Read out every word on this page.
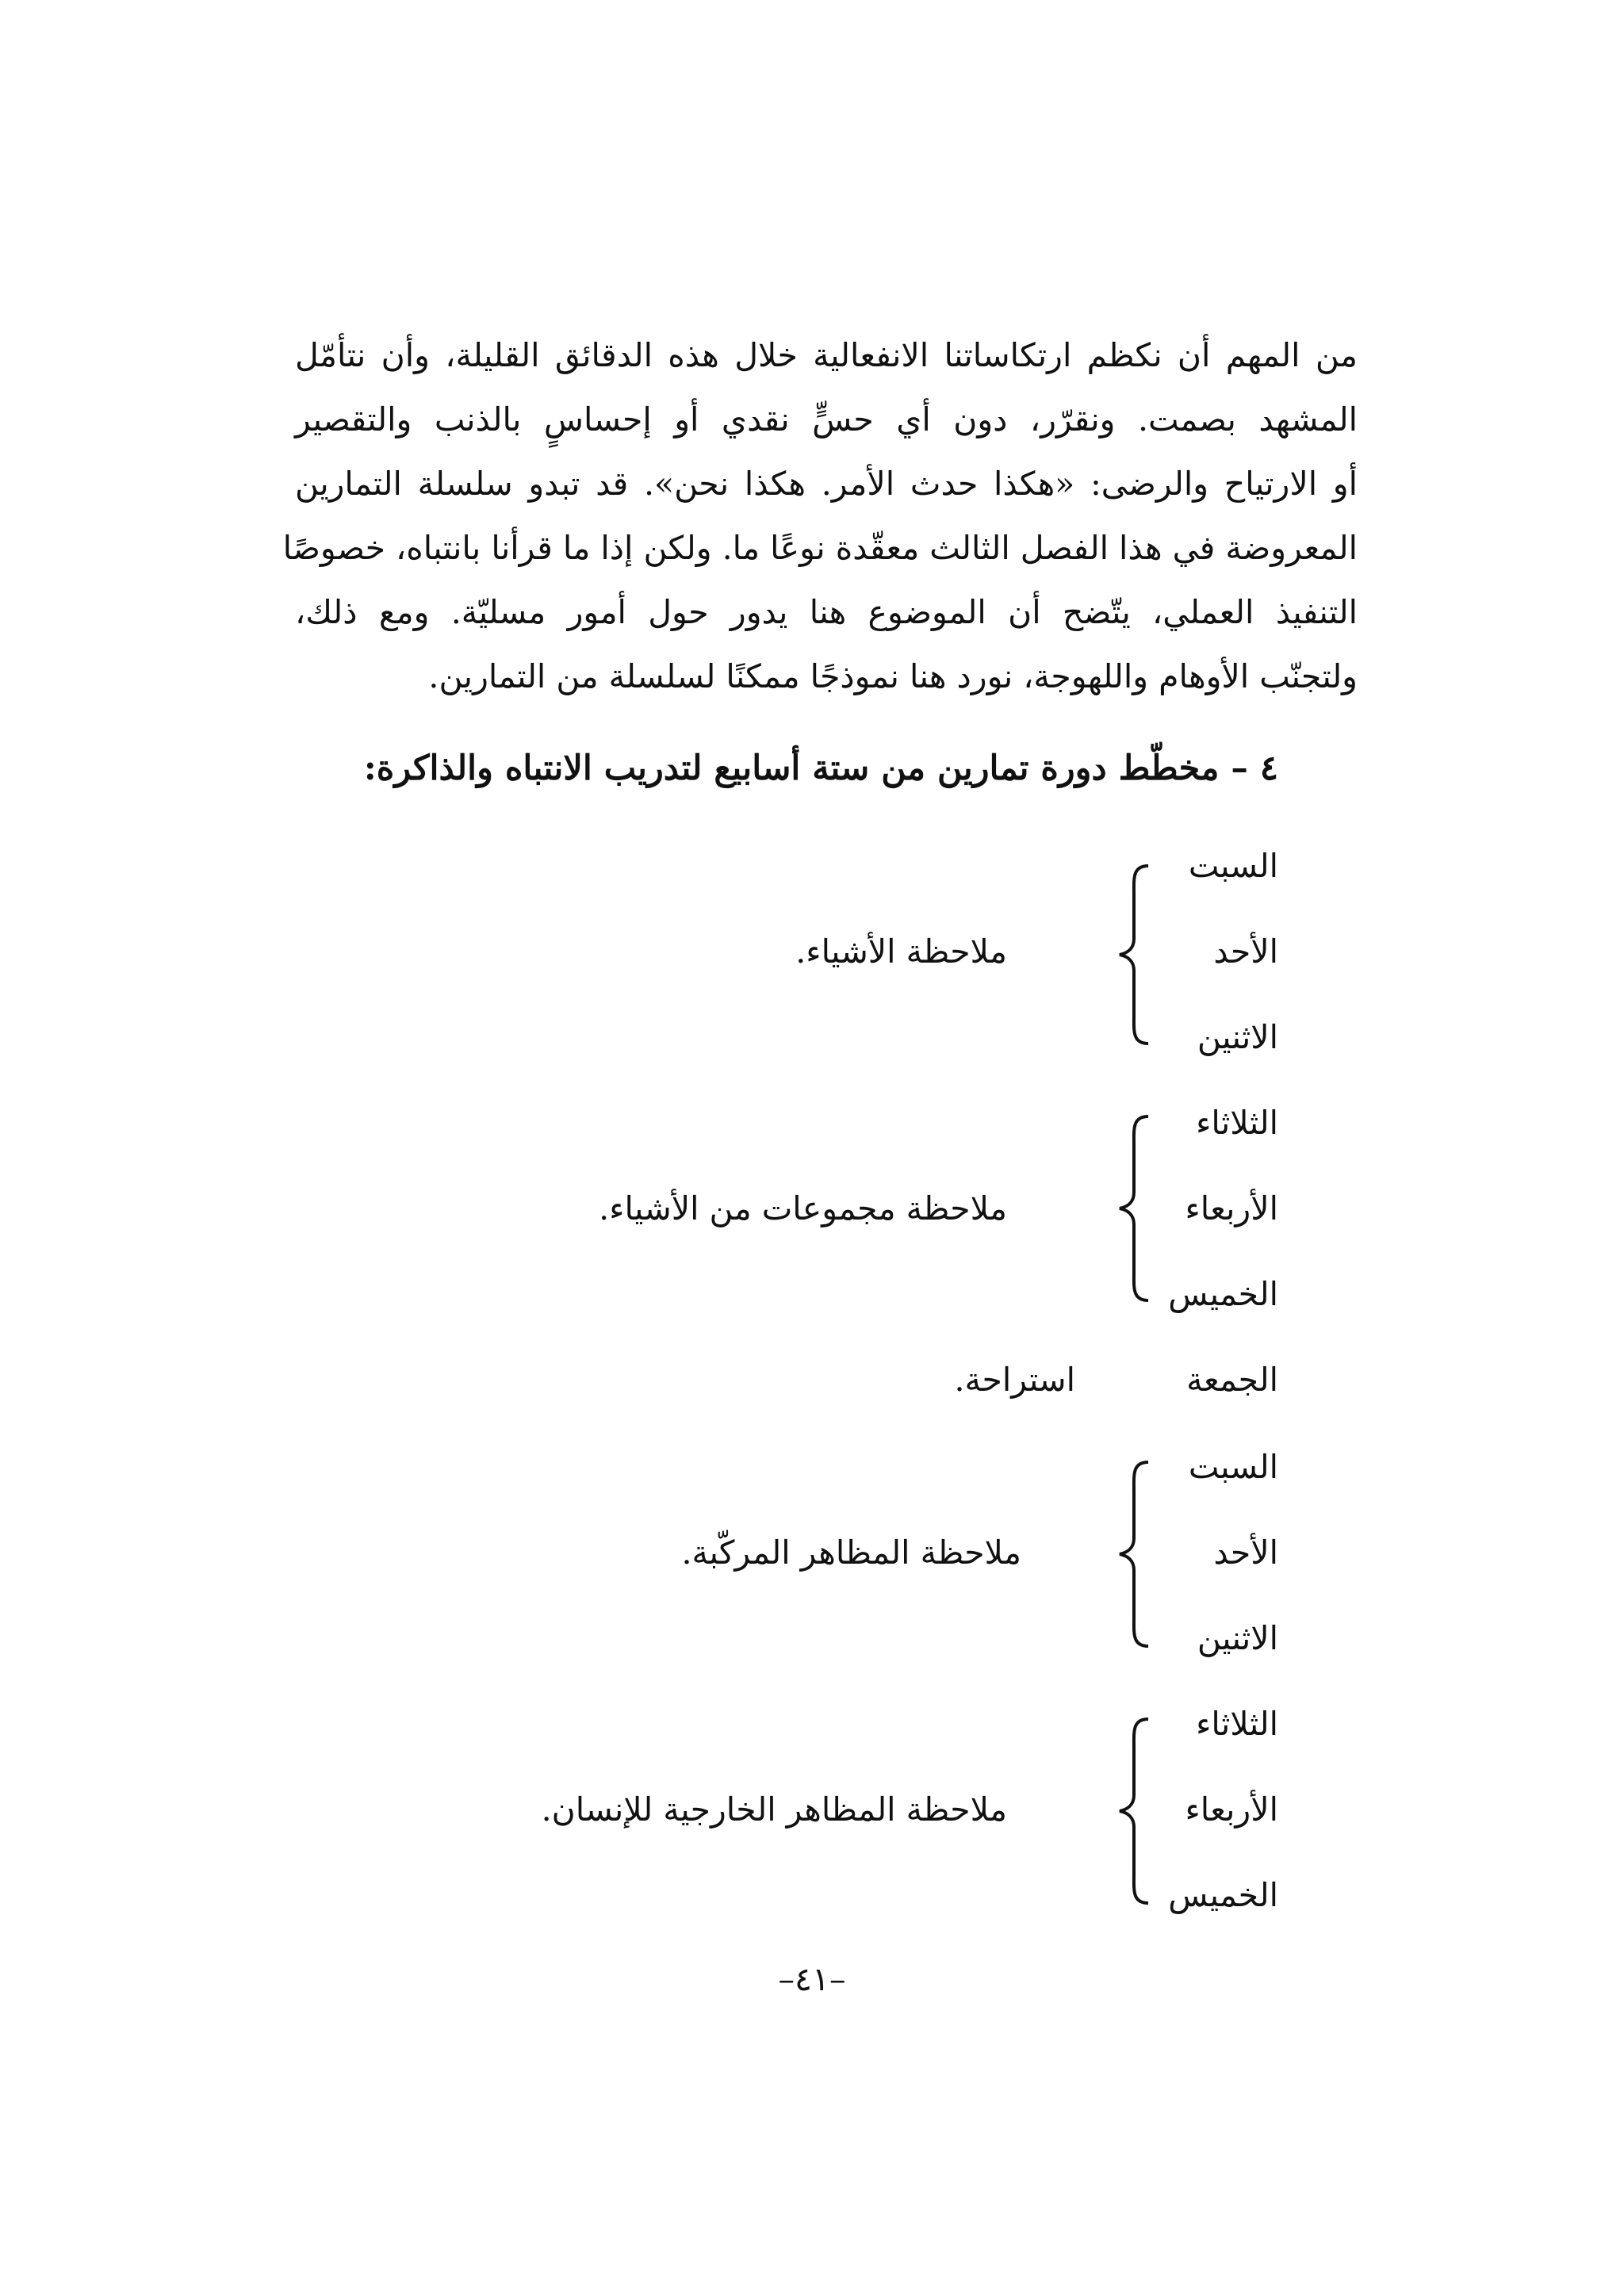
من المهم أن نكظم ارتكاساتنا الانفعالية خلال هذه الدقائق القليلة، وأن نتأمّل
المشهد بصمت. ونقرّر، دون أي حسٍّ نقدي أو إحساسٍ بالذنب والتقصير
أو الارتياح والرضى: «هكذا حدث الأمر. هكذا نحن». قد تبدو سلسلة التمارين
المعروضة في هذا الفصل الثالث معقّدة نوعًا ما. ولكن إذا ما قرأنا بانتباه، خصوصًا
التنفيذ العملي، يتّضح أن الموضوع هنا يدور حول أمور مسليّة. ومع ذلك،
ولتجنّب الأوهام واللهوجة، نورد هنا نموذجًا ممكنًا لسلسلة من التمارين.
٤ – مخطّط دورة تمارين من ستة أسابيع لتدريب الانتباه والذاكرة:
السبت
الأحد
الاثنين
ملاحظة الأشياء.
الثلاثاء
الأربعاء
الخميس
ملاحظة مجموعات من الأشياء.
الجمعة
استراحة.
السبت
الأحد
الاثنين
ملاحظة المظاهر المركّبة.
الثلاثاء
الأربعاء
الخميس
ملاحظة المظاهر الخارجية للإنسان.
–٤١–
